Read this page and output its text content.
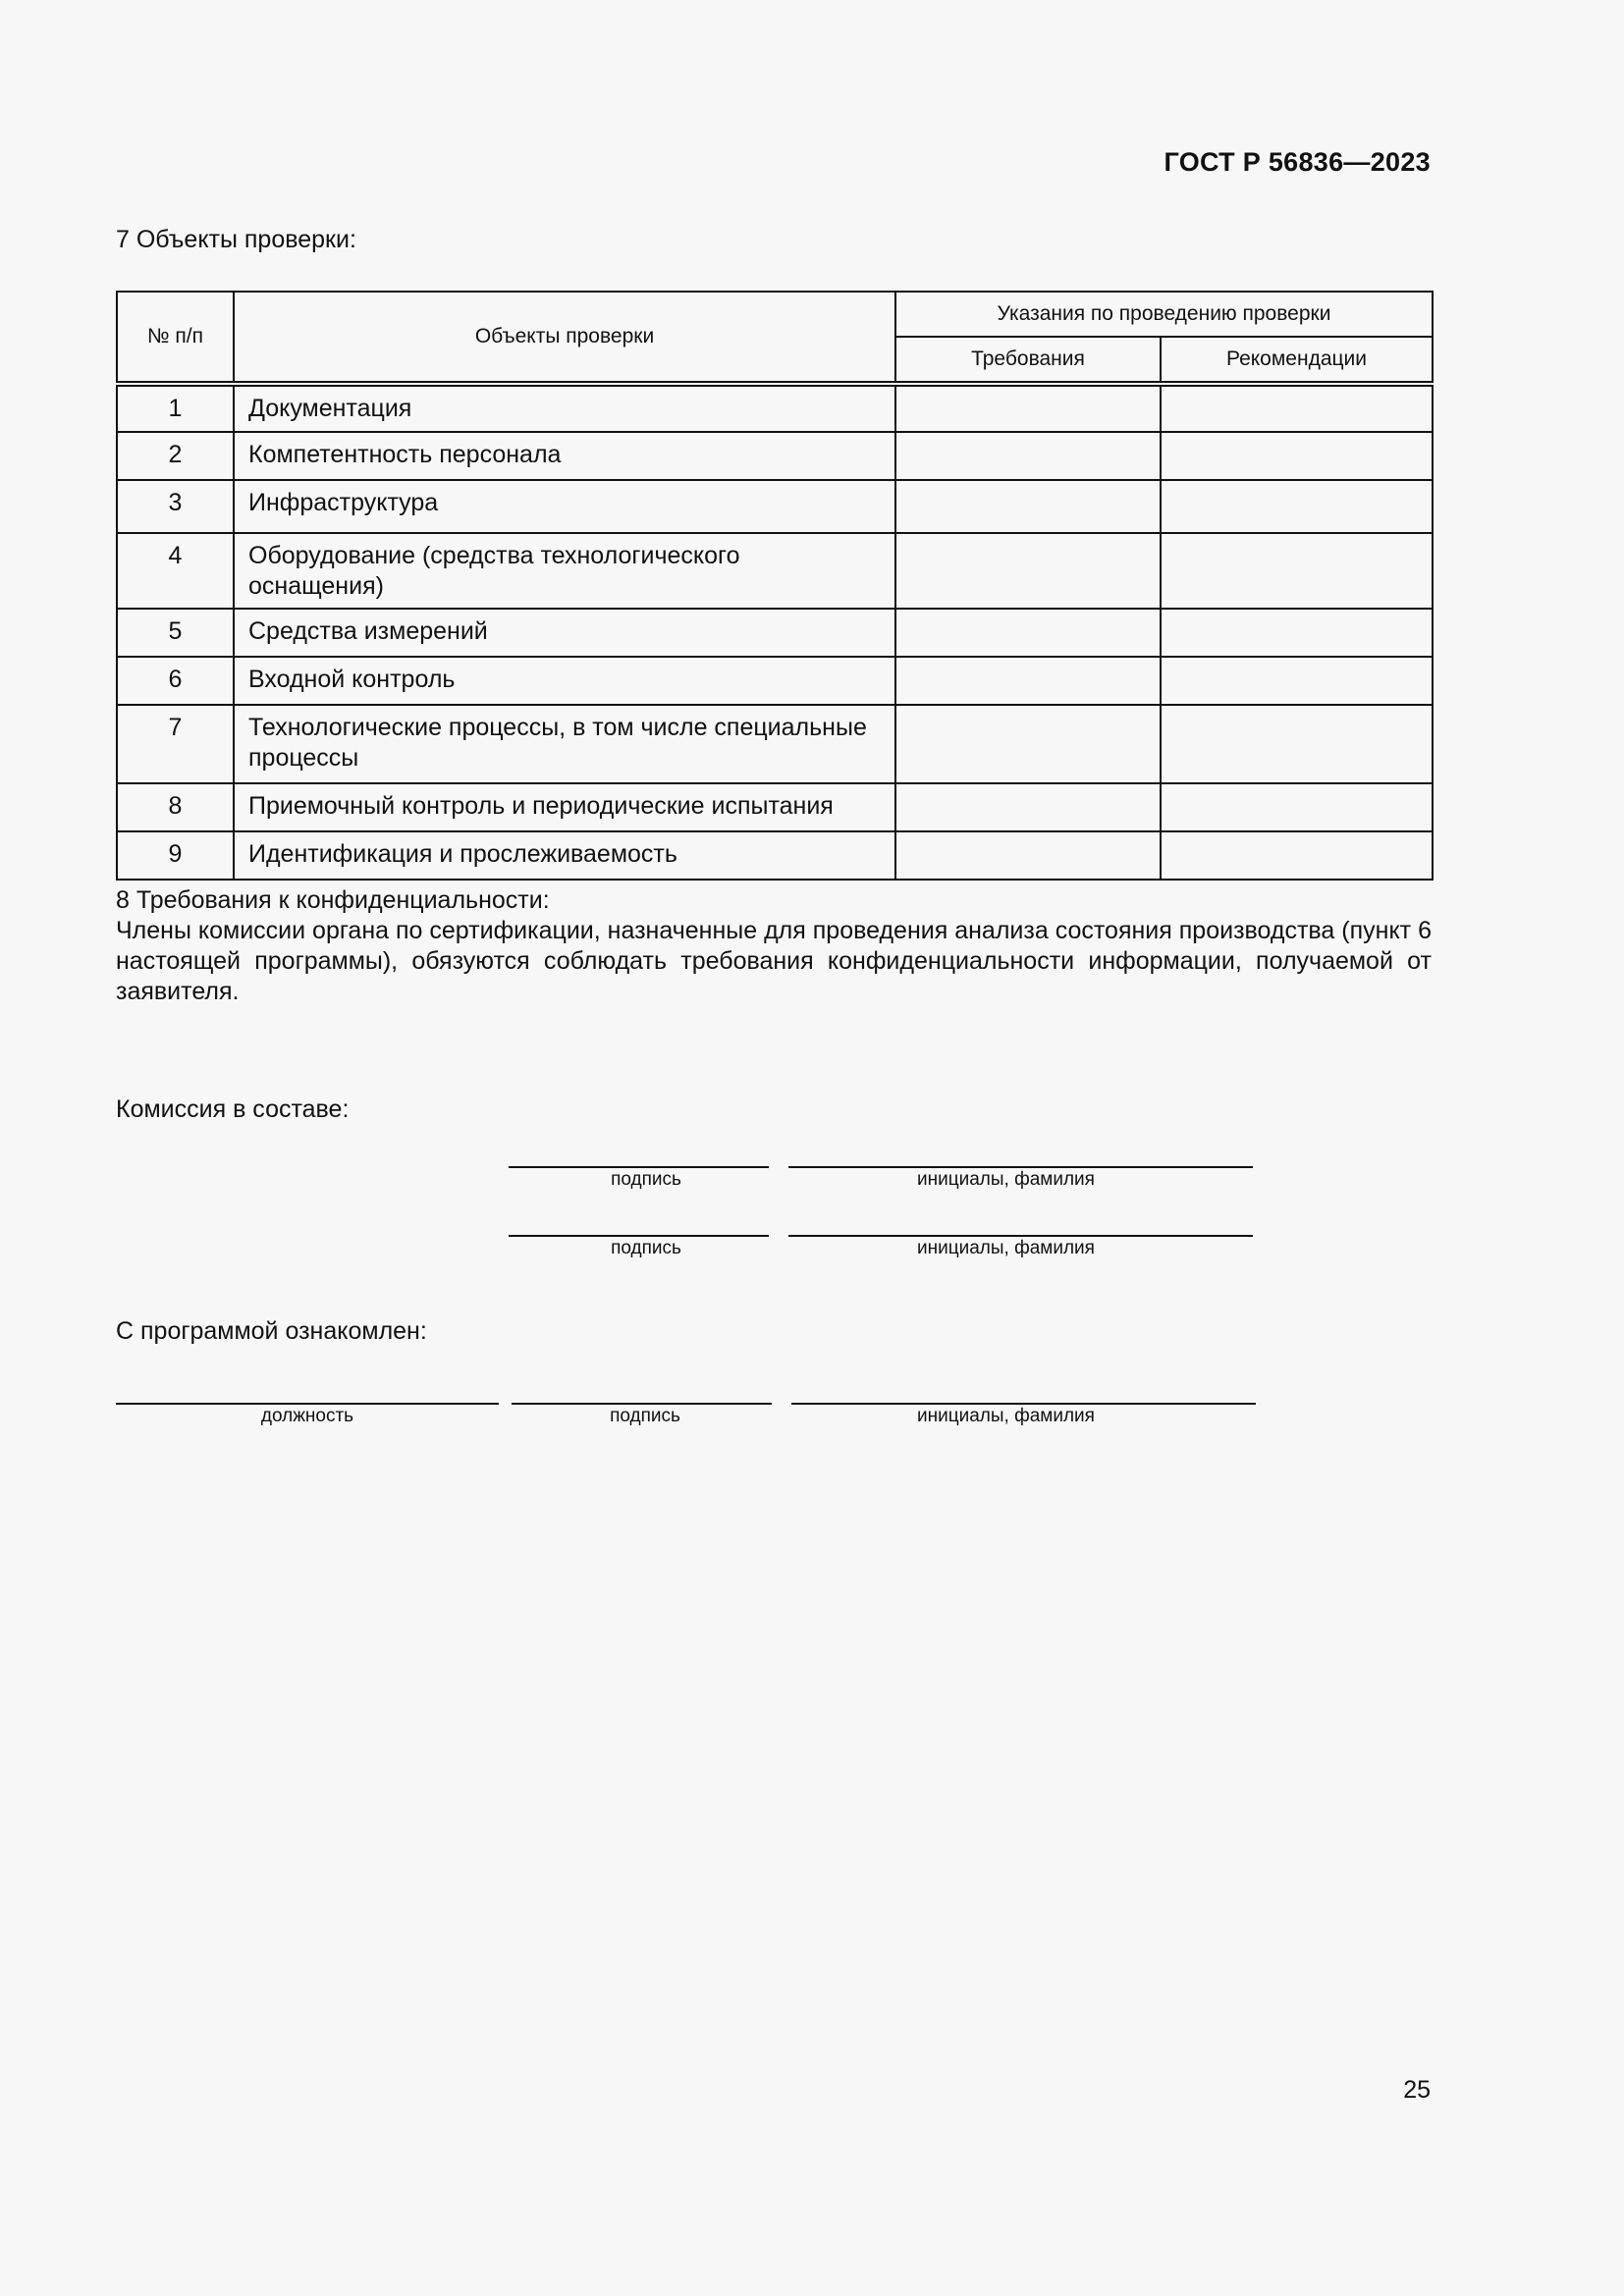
ГОСТ Р 56836—2023
7 Объекты проверки:
№ п/п	Объекты проверки	Указания по проведению проверки	
		Требования	Рекомендации
1	Документация		
2	Компетентность персонала		
3	Инфраструктура		
4	Оборудование (средства технологического оснащения)		
5	Средства измерений		
6	Входной контроль		
7	Технологические процессы, в том числе специальные процессы		
8	Приемочный контроль и периодические испытания		
9	Идентификация и прослеживаемость		
8 Требования к конфиденциальности:
Члены комиссии органа по сертификации, назначенные для проведения анализа состояния производства (пункт 6 настоящей программы), обязуются соблюдать требования конфиденциальности информации, получаемой от заявителя.
Комиссия в составе:
подпись	инициалы, фамилия
подпись	инициалы, фамилия
С программой ознакомлен:
должность	подпись	инициалы, фамилия
25
